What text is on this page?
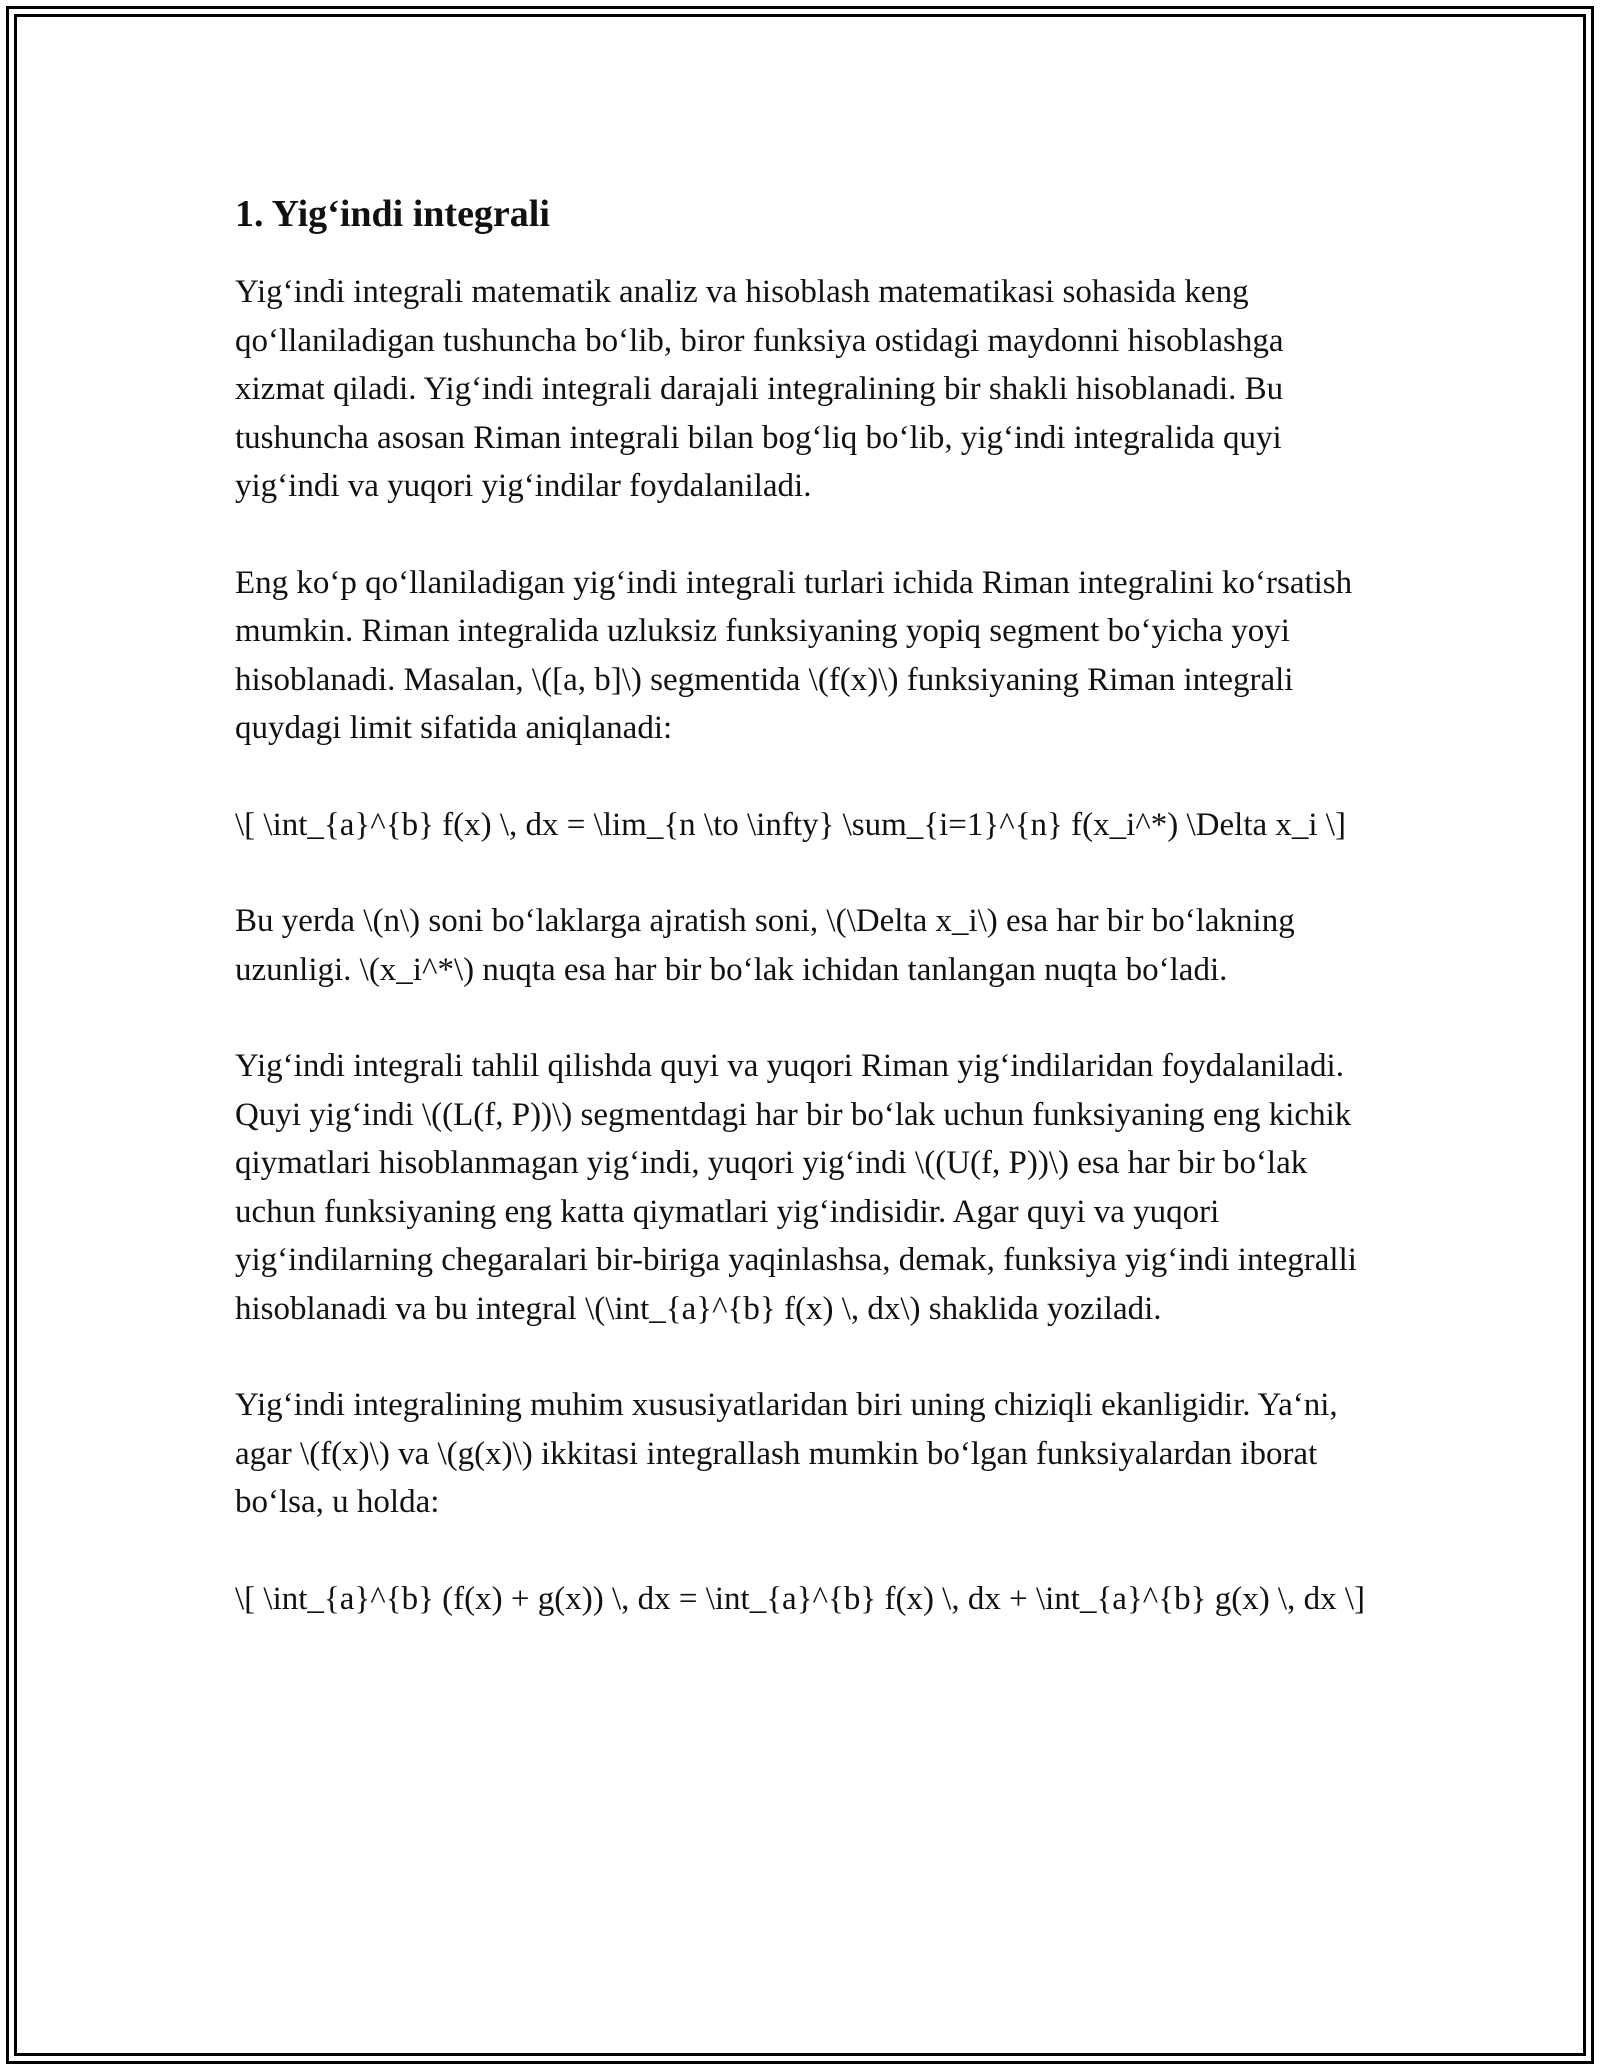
1. Yig‘indi integrali

Yig‘indi integrali matematik analiz va hisoblash matematikasi sohasida keng qo‘llaniladigan tushuncha bo‘lib, biror funksiya ostidagi maydonni hisoblashga xizmat qiladi. Yig‘indi integrali darajali integralining bir shakli hisoblanadi. Bu tushuncha asosan Riman integrali bilan bog‘liq bo‘lib, yig‘indi integralida quyi yig‘indi va yuqori yig‘indilar foydalaniladi.

Eng ko‘p qo‘llaniladigan yig‘indi integrali turlari ichida Riman integralini ko‘rsatish mumkin. Riman integralida uzluksiz funksiyaning yopiq segment bo‘yicha yoyi hisoblanadi. Masalan, \([a, b]\) segmentida \(f(x)\) funksiyaning Riman integrali quydagi limit sifatida aniqlanadi:

\[ \int_{a}^{b} f(x) \, dx = \lim_{n \to \infty} \sum_{i=1}^{n} f(x_i^*) \Delta x_i \]

Bu yerda \(n\) soni bo‘laklarga ajratish soni, \(\Delta x_i\) esa har bir bo‘lakning uzunligi. \(x_i^*\) nuqta esa har bir bo‘lak ichidan tanlangan nuqta bo‘ladi.

Yig‘indi integrali tahlil qilishda quyi va yuqori Riman yig‘indilaridan foydalaniladi. Quyi yig‘indi \((L(f, P))\) segmentdagi har bir bo‘lak uchun funksiyaning eng kichik qiymatlari hisoblanmagan yig‘indi, yuqori yig‘indi \((U(f, P))\) esa har bir bo‘lak uchun funksiyaning eng katta qiymatlari yig‘indisidir. Agar quyi va yuqori yig‘indilarning chegaralari bir-biriga yaqinlashsa, demak, funksiya yig‘indi integralli hisoblanadi va bu integral \(\int_{a}^{b} f(x) \, dx\) shaklida yoziladi.

Yig‘indi integralining muhim xususiyatlaridan biri uning chiziqli ekanligidir. Ya‘ni, agar \(f(x)\) va \(g(x)\) ikkitasi integrallash mumkin bo‘lgan funksiyalardan iborat bo‘lsa, u holda:

\[ \int_{a}^{b} (f(x) + g(x)) \, dx = \int_{a}^{b} f(x) \, dx + \int_{a}^{b} g(x) \, dx \]
